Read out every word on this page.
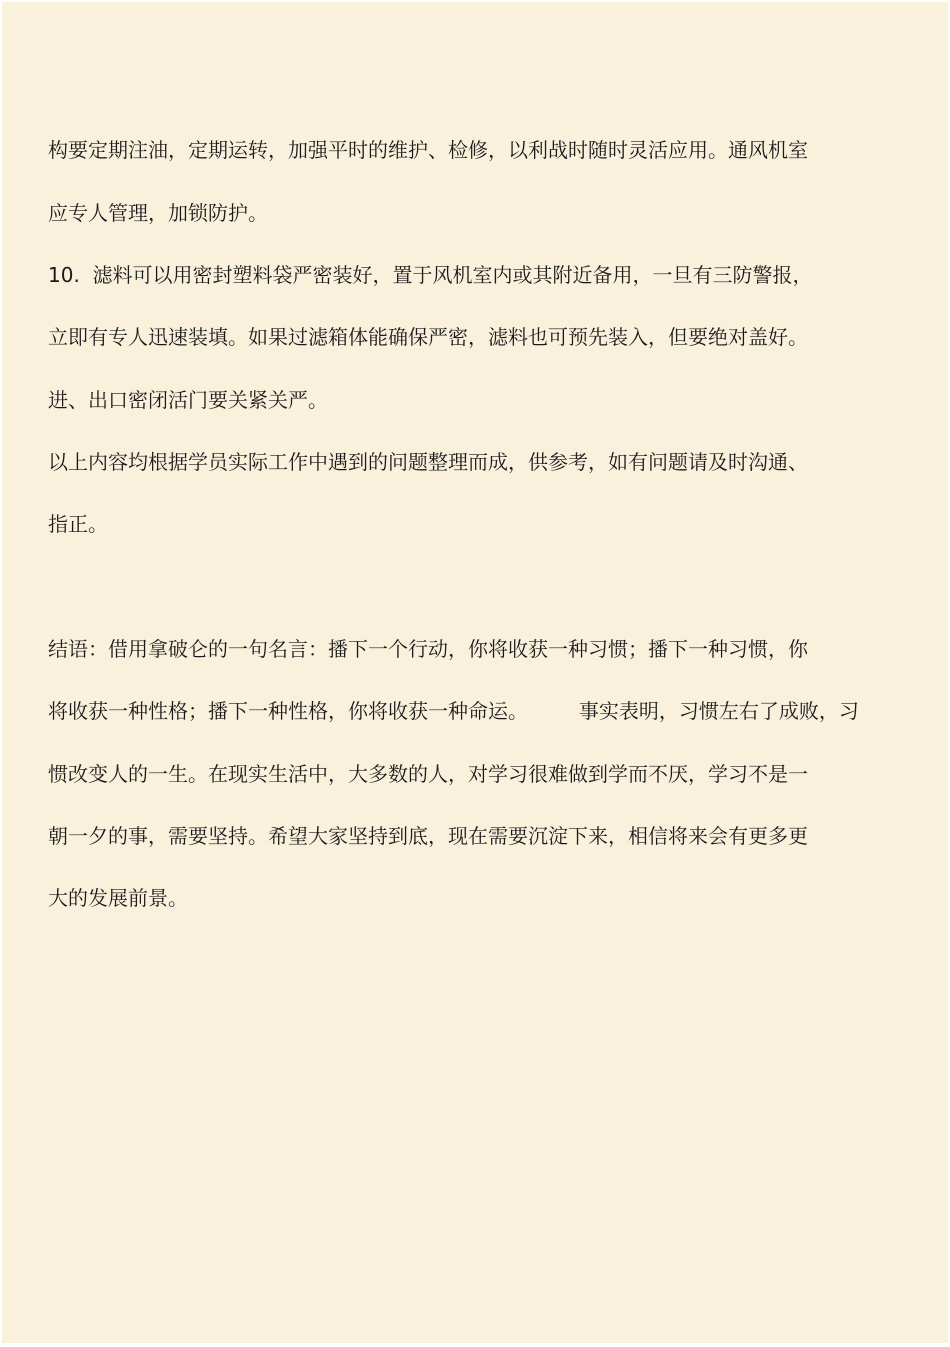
构要定期注油，定期运转，加强平时的维护、检修，以利战时随时灵活应用。通风机室

应专人管理，加锁防护。

10.  滤料可以用密封塑料袋严密装好，置于风机室内或其附近备用，一旦有三防警报，

立即有专人迅速装填。如果过滤箱体能确保严密，滤料也可预先装入，但要绝对盖好。

进、出口密闭活门要关紧关严。

以上内容均根据学员实际工作中遇到的问题整理而成，供参考，如有问题请及时沟通、

指正。

结语：借用拿破仑的一句名言：播下一个行动，你将收获一种习惯；播下一种习惯，你

将收获一种性格；播下一种性格，你将收获一种命运。        事实表明，习惯左右了成败，习

惯改变人的一生。在现实生活中，大多数的人，对学习很难做到学而不厌，学习不是一

朝一夕的事，需要坚持。希望大家坚持到底，现在需要沉淀下来，相信将来会有更多更

大的发展前景。
